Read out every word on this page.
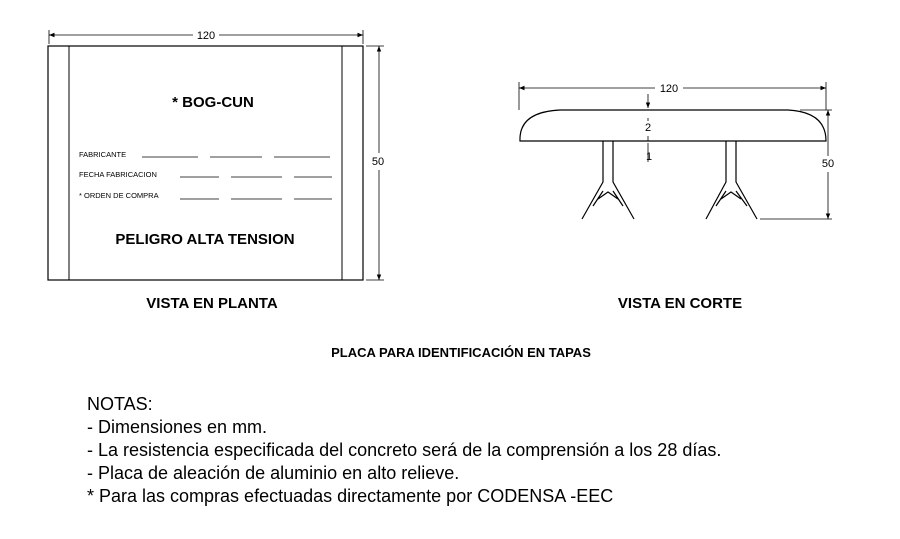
120
* BOG-CUN
FABRICANTE
FECHA FABRICACION
* ORDEN DE COMPRA
PELIGRO ALTA TENSION
50
VISTA EN PLANTA
120
2
1
50
VISTA EN CORTE
PLACA PARA IDENTIFICACIÓN EN TAPAS
NOTAS:
- Dimensiones en mm.
- La resistencia especificada del concreto será de la comprensión a los 28 días.
- Placa de aleación de aluminio en alto relieve.
* Para las compras efectuadas directamente por CODENSA -EEC
